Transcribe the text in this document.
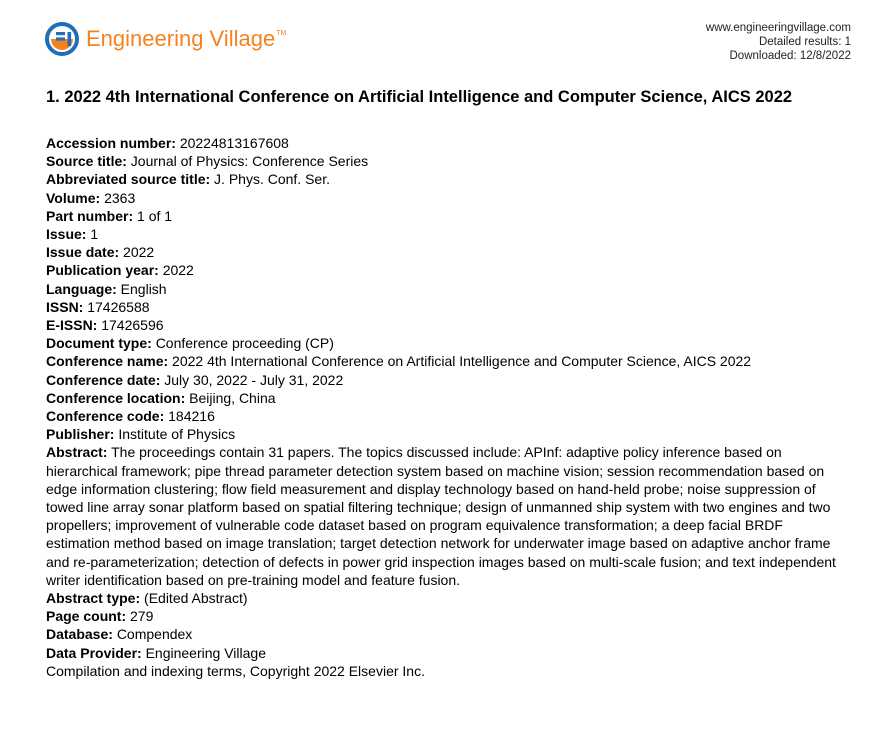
Engineering Village™	www.engineeringvillage.com
Detailed results: 1
Downloaded: 12/8/2022
1. 2022 4th International Conference on Artificial Intelligence and Computer Science, AICS 2022

Accession number: 20224813167608

Source title: Journal of Physics: Conference Series

Abbreviated source title: J. Phys. Conf. Ser.

Volume: 2363

Part number: 1 of 1

Issue: 1

Issue date: 2022

Publication year: 2022

Language: English

ISSN: 17426588

E-ISSN: 17426596

Document type: Conference proceeding (CP)

Conference name: 2022 4th International Conference on Artificial Intelligence and Computer Science, AICS 2022

Conference date: July 30, 2022 - July 31, 2022

Conference location: Beijing, China

Conference code: 184216

Publisher: Institute of Physics

Abstract: The proceedings contain 31 papers. The topics discussed include: APInf: adaptive policy inference based on hierarchical framework; pipe thread parameter detection system based on machine vision; session recommendation based on edge information clustering; flow field measurement and display technology based on hand-held probe; noise suppression of towed line array sonar platform based on spatial filtering technique; design of unmanned ship system with two engines and two propellers; improvement of vulnerable code dataset based on program equivalence transformation; a deep facial BRDF estimation method based on image translation; target detection network for underwater image based on adaptive anchor frame and re-parameterization; detection of defects in power grid inspection images based on multi-scale fusion; and text independent writer identification based on pre-training model and feature fusion.

Abstract type: (Edited Abstract)

Page count: 279

Database: Compendex

Data Provider: Engineering Village

Compilation and indexing terms, Copyright 2022 Elsevier Inc.
